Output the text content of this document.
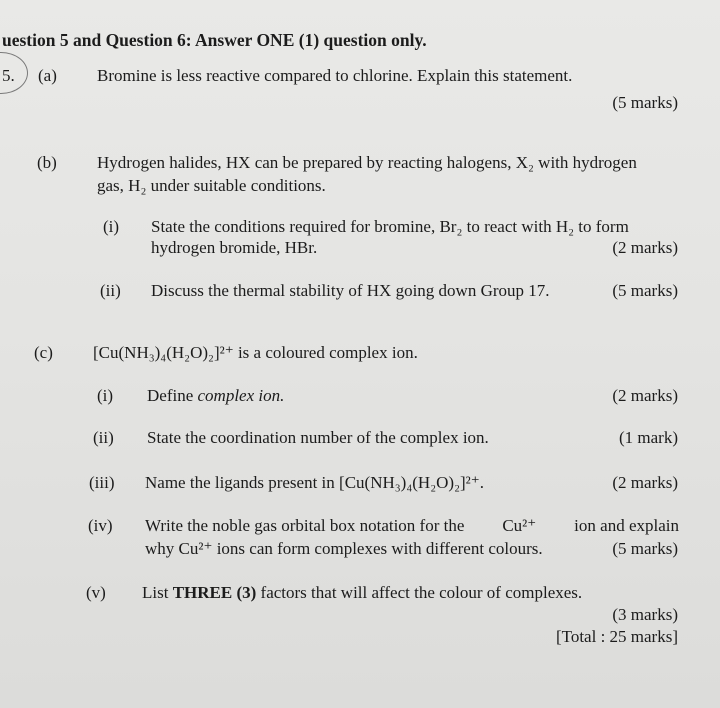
uestion 5 and Question 6: Answer ONE (1) question only.
5. (a) Bromine is less reactive compared to chlorine. Explain this statement.
(5 marks)
(b) Hydrogen halides, HX can be prepared by reacting halogens, X₂ with hydrogen
gas, H₂ under suitable conditions.
(i) State the conditions required for bromine, Br₂ to react with H₂ to form
hydrogen bromide, HBr.	(2 marks)
(ii) Discuss the thermal stability of HX going down Group 17.	(5 marks)
(c) [Cu(NH₃)₄(H₂O)₂]²⁺ is a coloured complex ion.
(i) Define complex ion.	(2 marks)
(ii) State the coordination number of the complex ion.	(1 mark)
(iii) Name the ligands present in [Cu(NH₃)₄(H₂O)₂]²⁺.	(2 marks)
(iv) Write the noble gas orbital box notation for the Cu²⁺ ion and explain
why Cu²⁺ ions can form complexes with different colours.	(5 marks)
(v) List THREE (3) factors that will affect the colour of complexes.
(3 marks)
[Total : 25 marks]
